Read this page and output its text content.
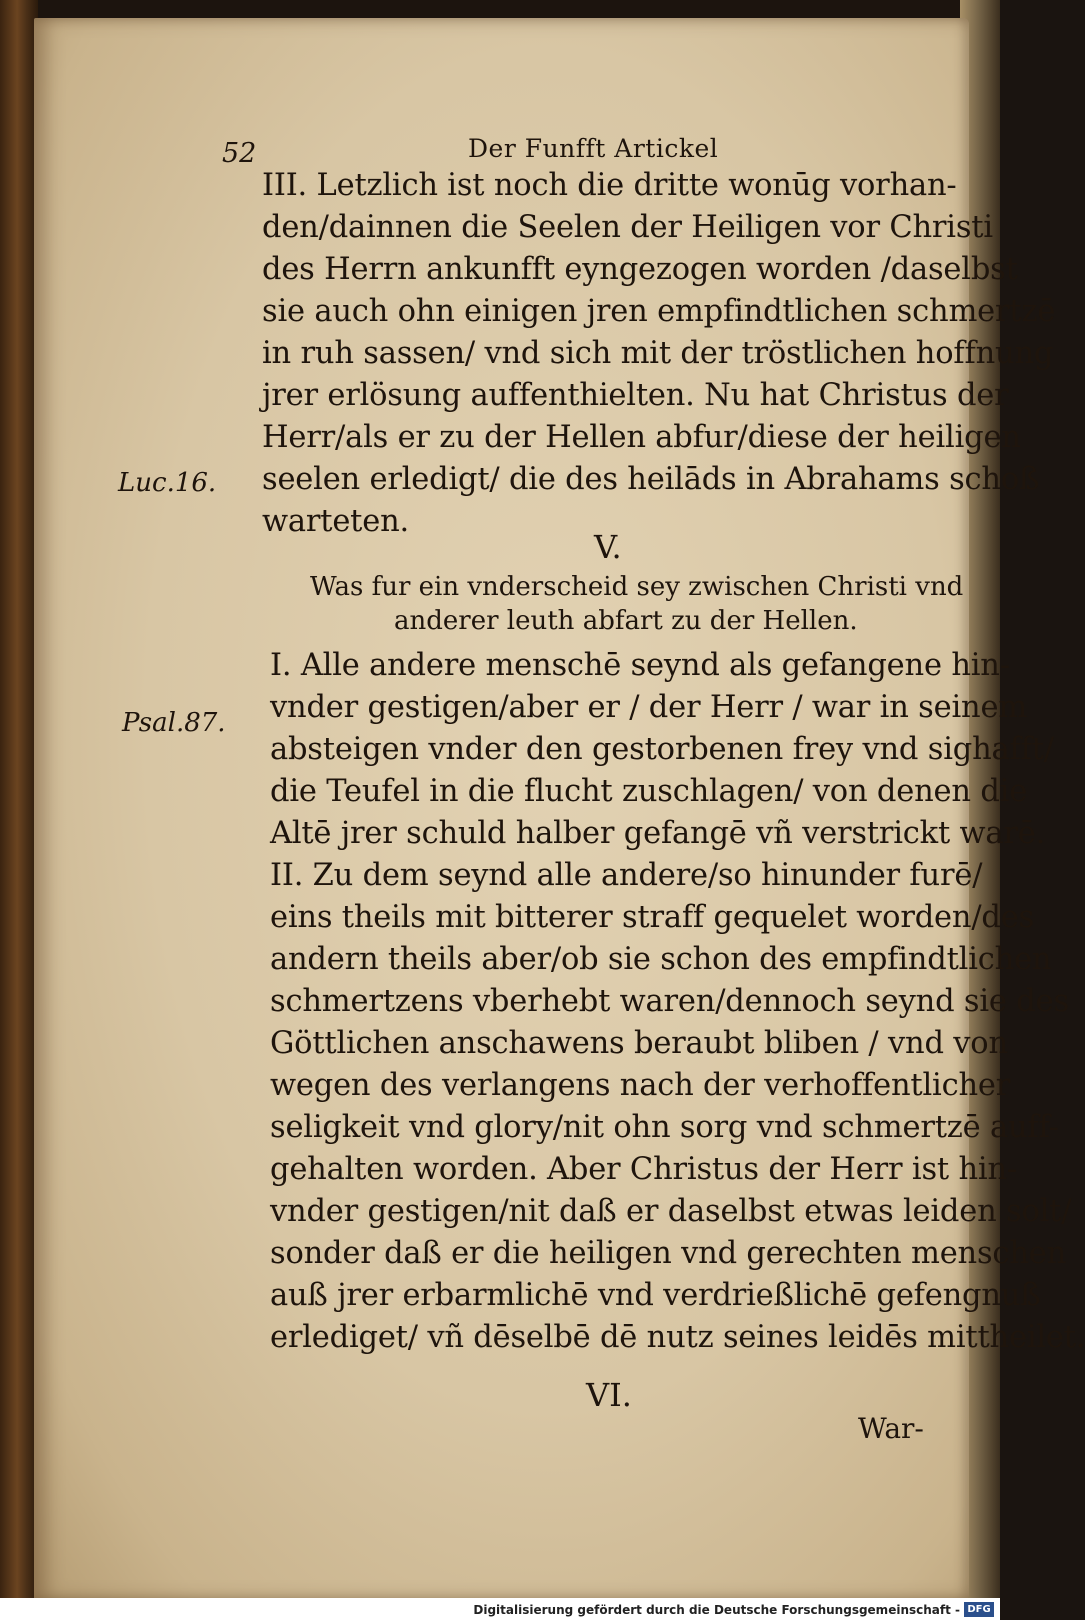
52	Der Funfft Artickel
III. Letzlich ist noch die dritte wonūg vorhan-
den/dainnen die Seelen der Heiligen vor Christi
des Herrn ankunfft eyngezogen worden /daselbst
sie auch ohn einigen jren empfindtlichen schmertzē
in ruh sassen/ vnd sich mit der tröstlichen hoffnung
jrer erlösung auffenthielten. Nu hat Christus der
Herr/als er zu der Hellen abfur/diese der heiligen
seelen erledigt/ die des heilāds in Abrahams schoß
warteten.
Luc.16.
V.
Was fur ein vnderscheid sey zwischen Christi vnd
anderer leuth abfart zu der Hellen.
I. Alle andere menschē seynd als gefangene hin-
vnder gestigen/aber er / der Herr / war in seinem
absteigen vnder den gestorbenen frey vnd sighafft/
die Teufel in die flucht zuschlagen/ von denen die
Altē jrer schuld halber gefangē vñ verstrickt warē.
II. Zu dem seynd alle andere/so hinunder furē/
eins theils mit bitterer straff gequelet worden/des
andern theils aber/ob sie schon des empfindtlichen
schmertzens vberhebt waren/dennoch seynd sie des
Göttlichen anschawens beraubt bliben / vnd von
wegen des verlangens nach der verhoffentlicher
seligkeit vnd glory/nit ohn sorg vnd schmertzē auff-
gehalten worden. Aber Christus der Herr ist hin-
vnder gestigen/nit daß er daselbst etwas leiden solt/
sonder daß er die heiligen vnd gerechten menschen
auß jrer erbarmlichē vnd verdrießlichē gefengnuß
erlediget/ vñ dēselbē dē nutz seines leidēs mittheilet.
Psal.87.
VI.
War-
Digitalisierung gefördert durch die Deutsche Forschungsgemeinschaft - DFG
